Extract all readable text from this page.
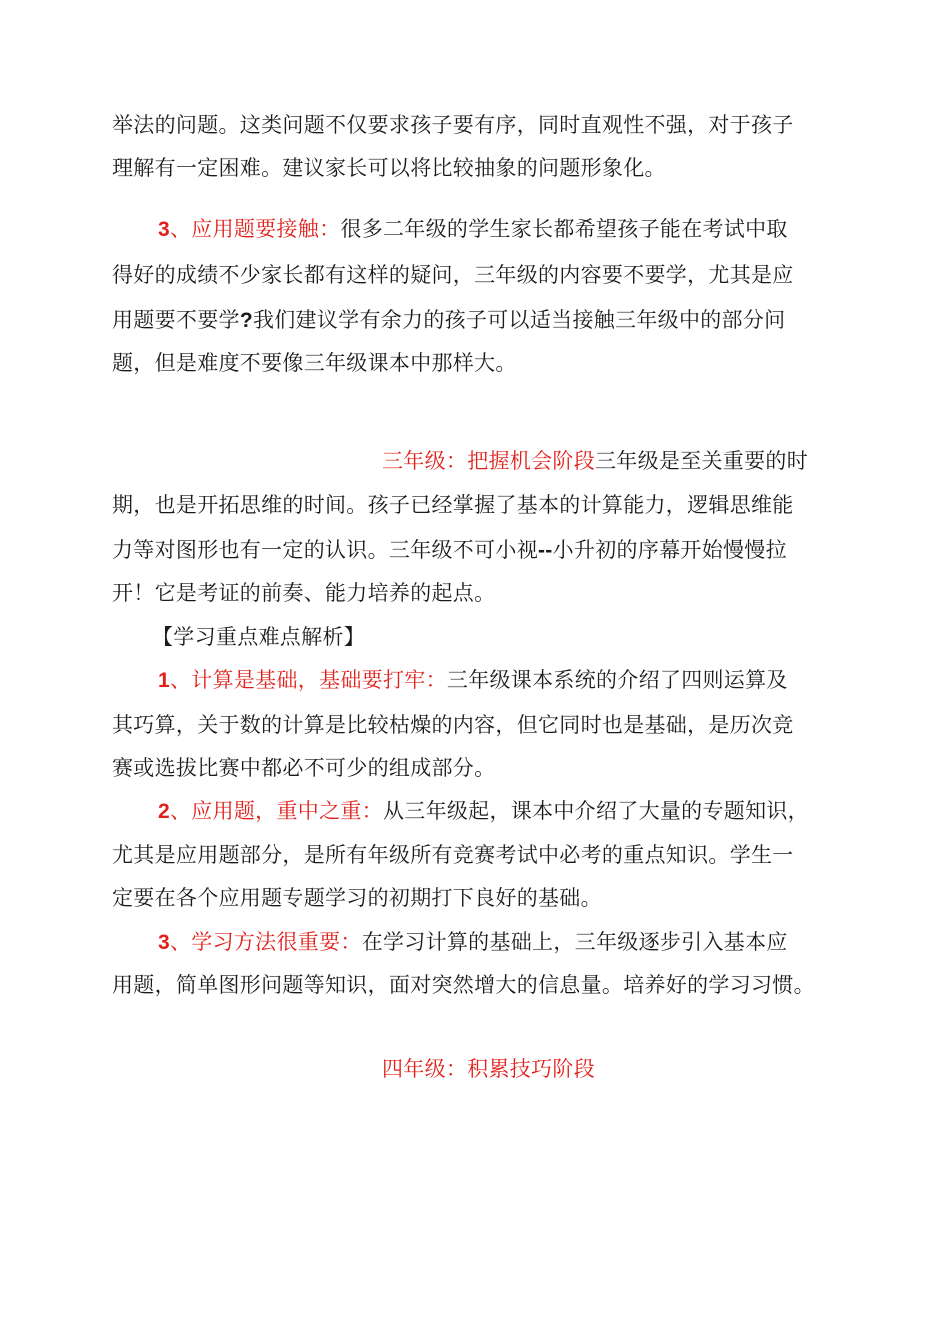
举法的问题。这类问题不仅要求孩子要有序，同时直观性不强，对于孩子
理解有一定困难。建议家长可以将比较抽象的问题形象化。
3、应用题要接触：很多二年级的学生家长都希望孩子能在考试中取
得好的成绩不少家长都有这样的疑问，三年级的内容要不要学，尤其是应
用题要不要学?我们建议学有余力的孩子可以适当接触三年级中的部分问
题，但是难度不要像三年级课本中那样大。
三年级：把握机会阶段三年级是至关重要的时
期，也是开拓思维的时间。孩子已经掌握了基本的计算能力，逻辑思维能
力等对图形也有一定的认识。三年级不可小视--小升初的序幕开始慢慢拉
开！它是考证的前奏、能力培养的起点。
【学习重点难点解析】
1、计算是基础，基础要打牢：三年级课本系统的介绍了四则运算及
其巧算，关于数的计算是比较枯燥的内容，但它同时也是基础，是历次竞
赛或选拔比赛中都必不可少的组成部分。
2、应用题，重中之重：从三年级起，课本中介绍了大量的专题知识，
尤其是应用题部分，是所有年级所有竞赛考试中必考的重点知识。学生一
定要在各个应用题专题学习的初期打下良好的基础。
3、学习方法很重要：在学习计算的基础上，三年级逐步引入基本应
用题，简单图形问题等知识，面对突然增大的信息量。培养好的学习习惯。
四年级：积累技巧阶段
